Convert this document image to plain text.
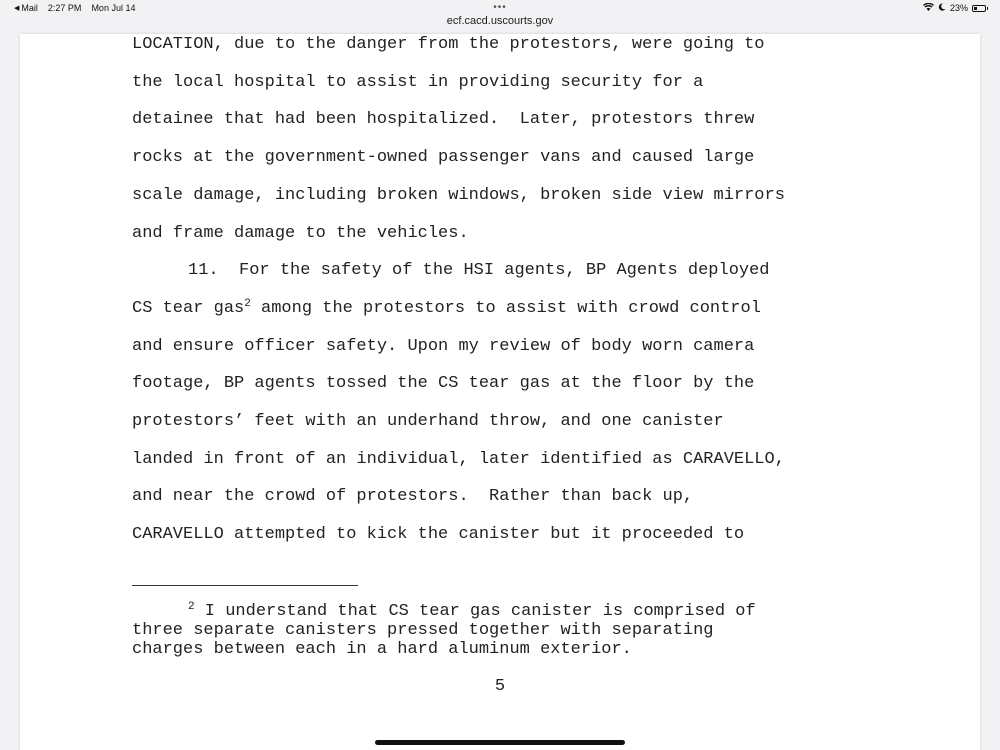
◀ Mail 2:27 PM Mon Jul 14	•••	23%
ecf.cacd.uscourts.gov
LOCATION, due to the danger from the protestors, were going to
the local hospital to assist in providing security for a
detainee that had been hospitalized.  Later, protestors threw
rocks at the government-owned passenger vans and caused large
scale damage, including broken windows, broken side view mirrors
and frame damage to the vehicles.
11.  For the safety of the HSI agents, BP Agents deployed
CS tear gas$^2$ among the protestors to assist with crowd control
and ensure officer safety. Upon my review of body worn camera
footage, BP agents tossed the CS tear gas at the floor by the
protestors’ feet with an underhand throw, and one canister
landed in front of an individual, later identified as CARAVELLO,
and near the crowd of protestors.  Rather than back up,
CARAVELLO attempted to kick the canister but it proceeded to
$^2$ I understand that CS tear gas canister is comprised of
three separate canisters pressed together with separating
charges between each in a hard aluminum exterior.
5
